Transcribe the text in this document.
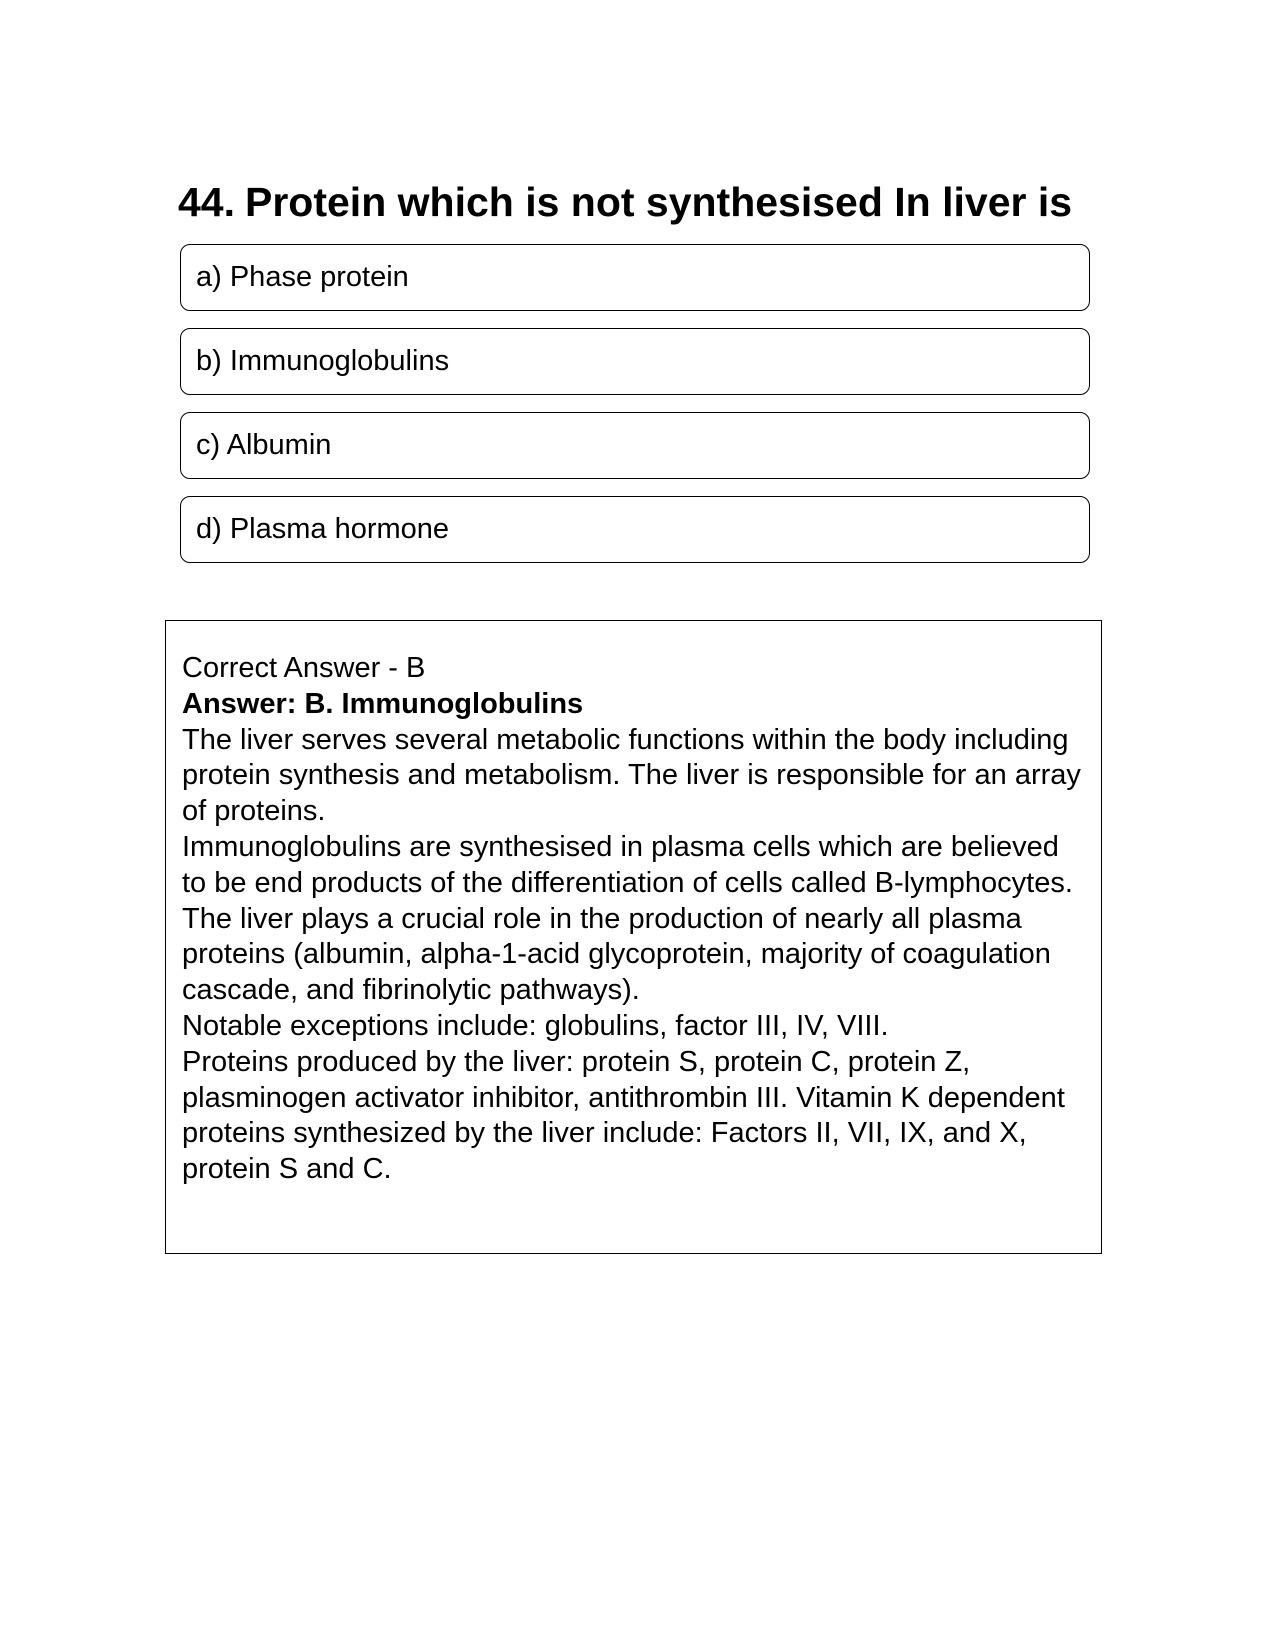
44. Protein which is not synthesised In liver is
a) Phase protein
b) Immunoglobulins
c) Albumin
d) Plasma hormone

Correct Answer - B

Answer: B. Immunoglobulins

The liver serves several metabolic functions within the body including protein synthesis and metabolism. The liver is responsible for an array of proteins.

Immunoglobulins are synthesised in plasma cells which are believed to be end products of the differentiation of cells called B-lymphocytes.

The liver plays a crucial role in the production of nearly all plasma proteins (albumin, alpha-1-acid glycoprotein, majority of coagulation cascade, and fibrinolytic pathways).

Notable exceptions include: globulins, factor III, IV, VIII.

Proteins produced by the liver: protein S, protein C, protein Z, plasminogen activator inhibitor, antithrombin III. Vitamin K dependent proteins synthesized by the liver include: Factors II, VII, IX, and X, protein S and C.
